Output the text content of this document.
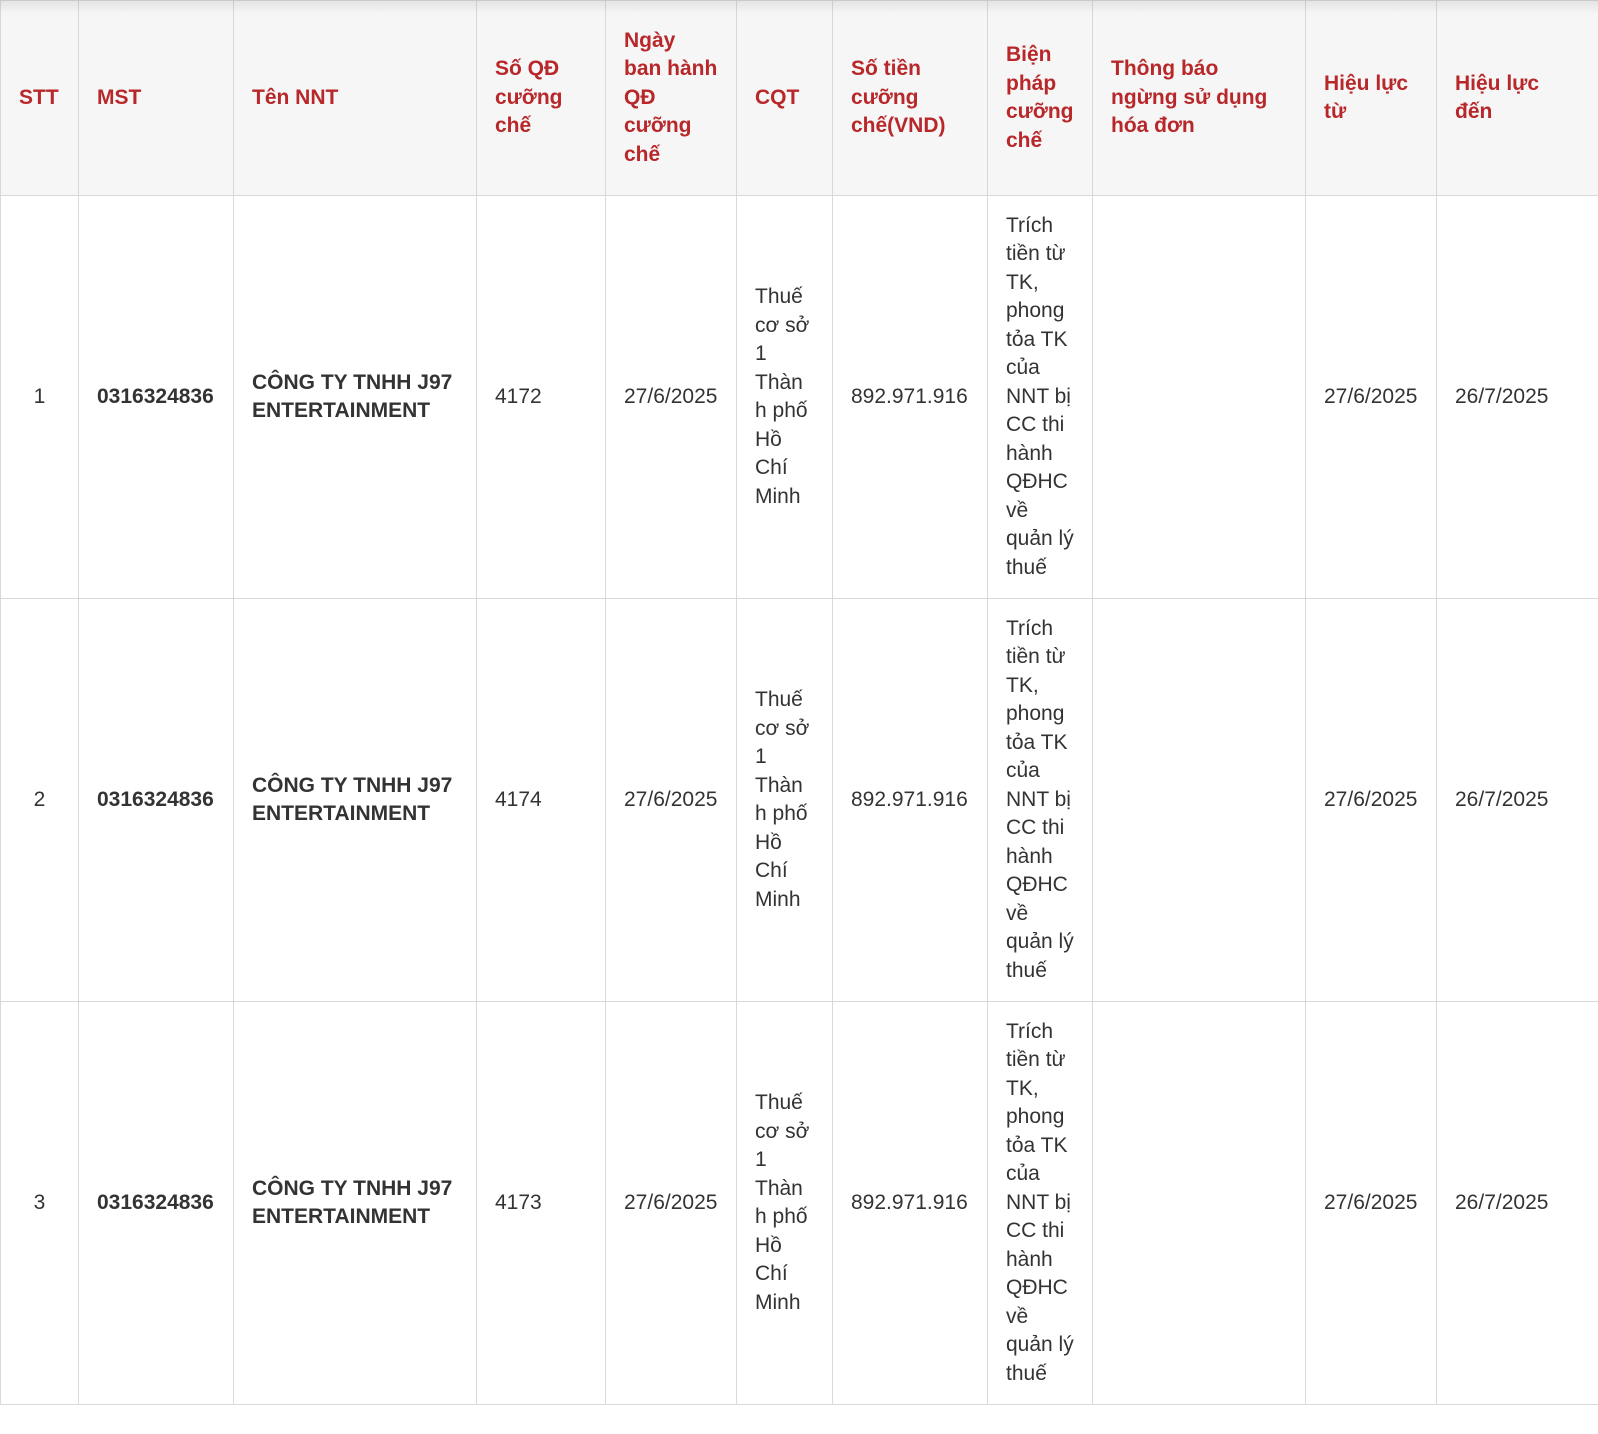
STT	MST	Tên NNT	Số QĐ cưỡng chế	Ngày ban hành QĐ cưỡng chế	CQT	Số tiền cưỡng chế(VND)	Biện pháp cưỡng chế	Thông báo ngừng sử dụng hóa đơn	Hiệu lực từ	Hiệu lực đến
1	0316324836	CÔNG TY TNHH J97 ENTERTAINMENT	4172	27/6/2025	Thuế cơ sở 1 Thành phố Hồ Chí Minh	892.971.916	Trích tiền từ TK, phong tỏa TK của NNT bị CC thi hành QĐHC về quản lý thuế		27/6/2025	26/7/2025
2	0316324836	CÔNG TY TNHH J97 ENTERTAINMENT	4174	27/6/2025	Thuế cơ sở 1 Thành phố Hồ Chí Minh	892.971.916	Trích tiền từ TK, phong tỏa TK của NNT bị CC thi hành QĐHC về quản lý thuế		27/6/2025	26/7/2025
3	0316324836	CÔNG TY TNHH J97 ENTERTAINMENT	4173	27/6/2025	Thuế cơ sở 1 Thành phố Hồ Chí Minh	892.971.916	Trích tiền từ TK, phong tỏa TK của NNT bị CC thi hành QĐHC về quản lý thuế		27/6/2025	26/7/2025
